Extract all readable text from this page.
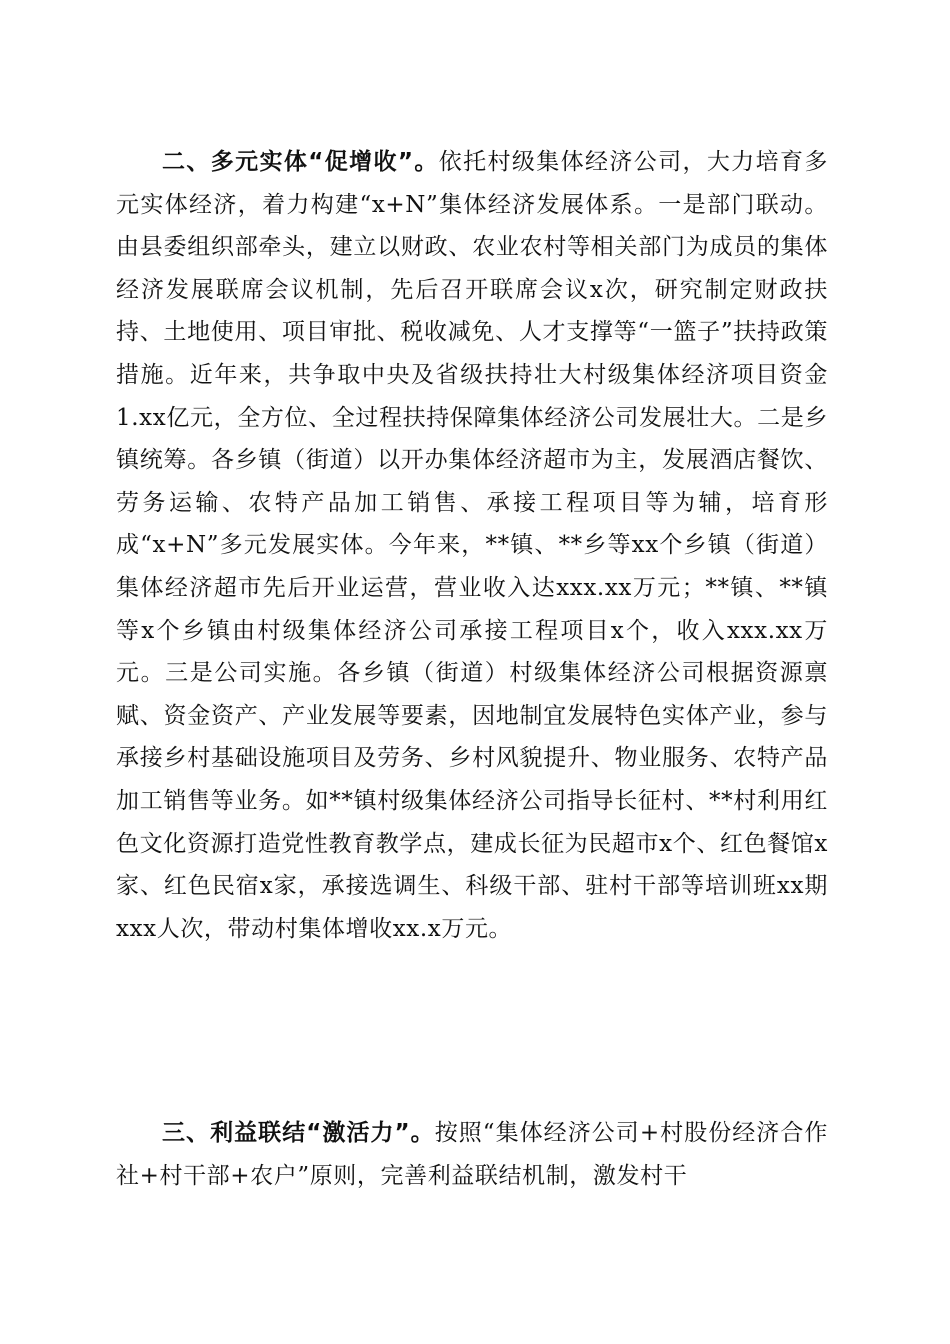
二、多元实体“促增收”。依托村级集体经济公司，大力培育多元实体经济，着力构建“x+N”集体经济发展体系。一是部门联动。由县委组织部牵头，建立以财政、农业农村等相关部门为成员的集体经济发展联席会议机制，先后召开联席会议x次，研究制定财政扶持、土地使用、项目审批、税收减免、人才支撑等“一篮子”扶持政策措施。近年来，共争取中央及省级扶持壮大村级集体经济项目资金1.xx亿元，全方位、全过程扶持保障集体经济公司发展壮大。二是乡镇统筹。各乡镇（街道）以开办集体经济超市为主，发展酒店餐饮、劳务运输、农特产品加工销售、承接工程项目等为辅，培育形成“x+N”多元发展实体。今年来，**镇、**乡等xx个乡镇（街道）集体经济超市先后开业运营，营业收入达xxx.xx万元；**镇、**镇等x个乡镇由村级集体经济公司承接工程项目x个，收入xxx.xx万元。三是公司实施。各乡镇（街道）村级集体经济公司根据资源禀赋、资金资产、产业发展等要素，因地制宜发展特色实体产业，参与承接乡村基础设施项目及劳务、乡村风貌提升、物业服务、农特产品加工销售等业务。如**镇村级集体经济公司指导长征村、**村利用红色文化资源打造党性教育教学点，建成长征为民超市x个、红色餐馆x家、红色民宿x家，承接选调生、科级干部、驻村干部等培训班xx期xxx人次，带动村集体增收xx.x万元。

三、利益联结“激活力”。按照“集体经济公司+村股份经济合作社+村干部+农户”原则，完善利益联结机制，激发村干
